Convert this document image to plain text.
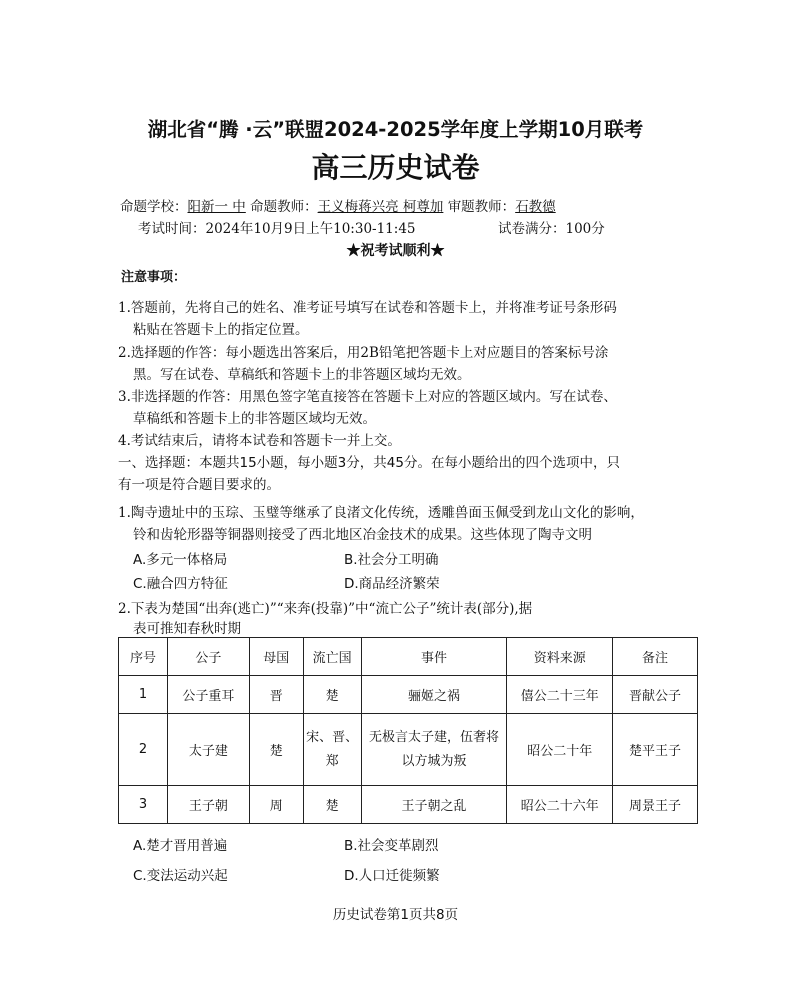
湖北省“腾 ·云”联盟2024-2025学年度上学期10月联考
高三历史试卷
命题学校：阳新一 中 命题教师：王义梅蒋兴亮 柯尊加 审题教师：石教德
考试时间：2024年10月9日上午10:30-11:45	试卷满分：100分
★祝考试顺利★
注意事项：
1.答题前，先将自己的姓名、准考证号填写在试卷和答题卡上，并将准考证号条形码
粘贴在答题卡上的指定位置。
2.选择题的作答：每小题选出答案后，用2B铅笔把答题卡上对应题目的答案标号涂
黑。写在试卷、草稿纸和答题卡上的非答题区域均无效。
3.非选择题的作答：用黑色签字笔直接答在答题卡上对应的答题区域内。写在试卷、
草稿纸和答题卡上的非答题区域均无效。
4.考试结束后，请将本试卷和答题卡一并上交。
一、选择题：本题共15小题，每小题3分，共45分。在每小题给出的四个选项中，只
有一项是符合题目要求的。
1.陶寺遗址中的玉琮、玉璧等继承了良渚文化传统，透雕兽面玉佩受到龙山文化的影响，
铃和齿轮形器等铜器则接受了西北地区冶金技术的成果。这些体现了陶寺文明
A.多元一体格局	B.社会分工明确
C.融合四方特征	D.商品经济繁荣
2.下表为楚国“出奔(逃亡)”“来奔(投靠)”中“流亡公子”统计表(部分),据
表可推知春秋时期
序号	公子	母国	流亡国	事件	资料来源	备注
1	公子重耳	晋	楚	骊姬之祸	僖公二十三年	晋献公子
2	太子建	楚	宋、晋、郑	无极言太子建，伍奢将以方城为叛	昭公二十年	楚平王子
3	王子朝	周	楚	王子朝之乱	昭公二十六年	周景王子
A.楚才晋用普遍	B.社会变革剧烈
C.变法运动兴起	D.人口迁徙频繁
历史试卷第1页共8页
